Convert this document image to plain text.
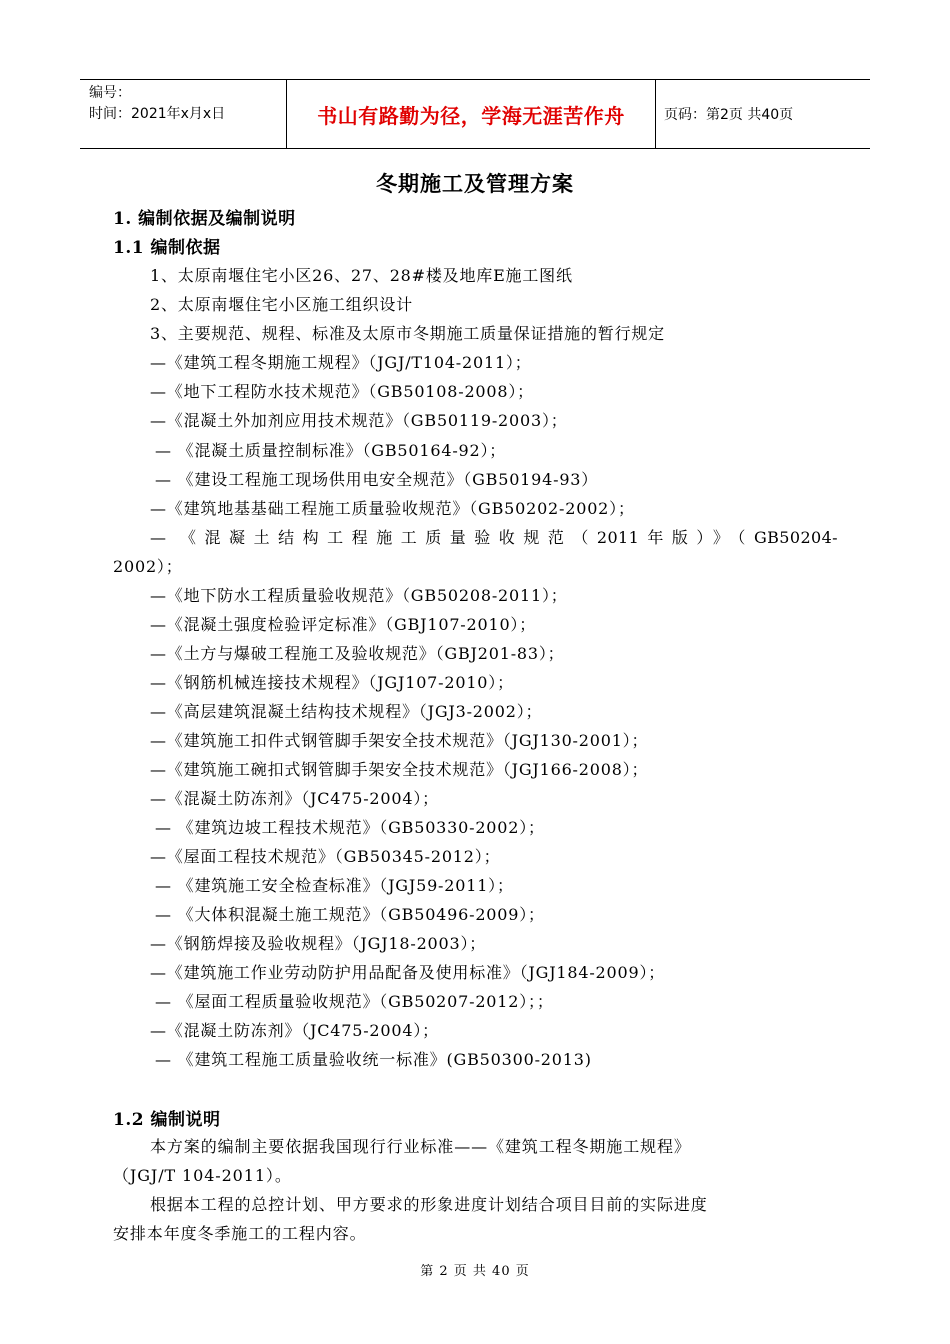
编号：
时间：2021年x月x日	书山有路勤为径，学海无涯苦作舟	页码：第2页 共40页
冬期施工及管理方案
1. 编制依据及编制说明
1.1 编制依据
1、太原南堰住宅小区26、27、28#楼及地库E施工图纸
2、太原南堰住宅小区施工组织设计
3、主要规范、规程、标准及太原市冬期施工质量保证措施的暂行规定
—《建筑工程冬期施工规程》（JGJ/T104-2011）；
—《地下工程防水技术规范》（GB50108-2008）；
—《混凝土外加剂应用技术规范》（GB50119-2003）；
— 《混凝土质量控制标准》（GB50164-92）；
— 《建设工程施工现场供用电安全规范》（GB50194-93）
—《建筑地基基础工程施工质量验收规范》（GB50202-2002）；
— 《混凝土结构工程施工质量验收规范（2011年版）》（GB50204-
2002）；
—《地下防水工程质量验收规范》（GB50208-2011）；
—《混凝土强度检验评定标准》（GBJ107-2010）；
—《土方与爆破工程施工及验收规范》（GBJ201-83）；
—《钢筋机械连接技术规程》（JGJ107-2010）；
—《高层建筑混凝土结构技术规程》（JGJ3-2002）；
—《建筑施工扣件式钢管脚手架安全技术规范》（JGJ130-2001）；
—《建筑施工碗扣式钢管脚手架安全技术规范》（JGJ166-2008）；
—《混凝土防冻剂》（JC475-2004）；
— 《建筑边坡工程技术规范》（GB50330-2002）；
—《屋面工程技术规范》（GB50345-2012）；
— 《建筑施工安全检查标准》（JGJ59-2011）；
— 《大体积混凝土施工规范》（GB50496-2009）；
—《钢筋焊接及验收规程》（JGJ18-2003）；
—《建筑施工作业劳动防护用品配备及使用标准》（JGJ184-2009）；
— 《屋面工程质量验收规范》（GB50207-2012）；；
—《混凝土防冻剂》（JC475-2004）；
— 《建筑工程施工质量验收统一标准》(GB50300-2013)
1.2 编制说明
本方案的编制主要依据我国现行行业标准——《建筑工程冬期施工规程》
（JGJ/T 104-2011）。
根据本工程的总控计划、甲方要求的形象进度计划结合项目目前的实际进度
安排本年度冬季施工的工程内容。
第 2 页 共 40 页
